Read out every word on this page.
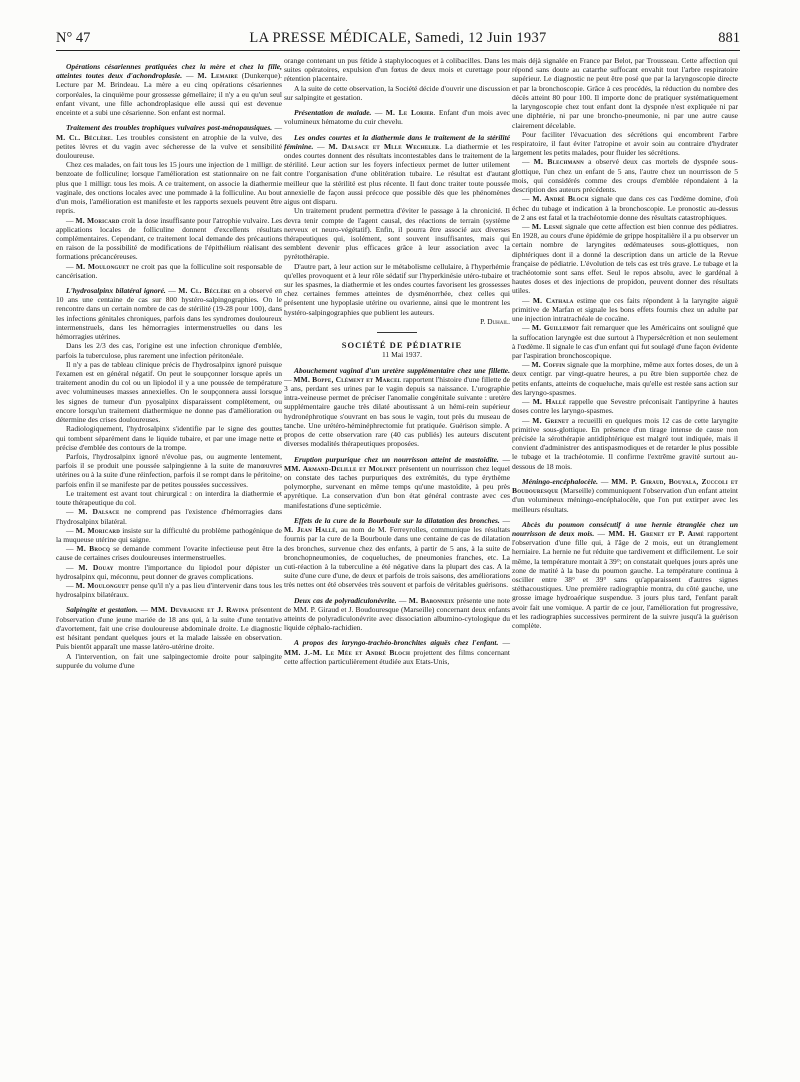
N° 47	LA PRESSE MÉDICALE, Samedi, 12 Juin 1937	881

Opérations césariennes pratiquées chez la mère et chez la fille, atteintes toutes deux d'achondroplasie. — M. Lemaire (Dunkerque). Lecture par M. Brindeau. La mère a eu cinq opérations césariennes corporéales, la cinquième pour grossesse gémellaire; il n'y a eu qu'un seul enfant vivant, une fille achondroplasique elle aussi qui est devenue enceinte et a subi une césarienne. Son enfant est normal.

Traitement des troubles trophiques vulvaires post-ménopausiques. — M. Cl. Béclère. Les troubles consistent en atrophie de la vulve, des petites lèvres et du vagin avec sécheresse de la vulve et sensibilité douloureuse.

Chez ces malades, on fait tous les 15 jours une injection de 1 milligr. de benzoate de folliculine; lorsque l'amélioration est stationnaire on ne fait plus que 1 milligr. tous les mois. A ce traitement, on associe la diathermie vaginale, des onctions locales avec une pommade à la folliculine. Au bout d'un mois, l'amélioration est manifeste et les rapports sexuels peuvent être repris.

— M. Moricard croit la dose insuffisante pour l'atrophie vulvaire. Les applications locales de folliculine donnent d'excellents résultats complémentaires. Cependant, ce traitement local demande des précautions en raison de la possibilité de modifications de l'épithélium réalisant des formations précancéreuses.

— M. Moulonguet ne croit pas que la folliculine soit responsable de cancérisation.

L'hydrosalpinx bilatéral ignoré. — M. Cl. Béclère en a observé en 10 ans une centaine de cas sur 800 hystéro-salpingographies. On le rencontre dans un certain nombre de cas de stérilité (19-28 pour 100), dans les infections génitales chroniques, parfois dans les syndromes douloureux intermenstruels, dans les hémorragies intermenstruelles ou dans les hémorragies utérines.

Dans les 2/3 des cas, l'origine est une infection chronique d'emblée, parfois la tuberculose, plus rarement une infection péritonéale.

Il n'y a pas de tableau clinique précis de l'hydrosalpinx ignoré puisque l'examen est en général négatif. On peut le soupçonner lorsque après un traitement anodin du col ou un lipiodol il y a une poussée de température avec volumineuses masses annexielles. On le soupçonnera aussi lorsque les signes de tumeur d'un pyosalpinx disparaissent complètement, ou encore lorsqu'un traitement diathermique ne donne pas d'amélioration ou détermine des crises douloureuses.

Radiologiquement, l'hydrosalpinx s'identifie par le signe des gouttes qui tombent séparément dans le liquide tubaire, et par une image nette et précise d'emblée des contours de la trompe.

Parfois, l'hydrosalpinx ignoré n'évolue pas, ou augmente lentement, parfois il se produit une poussée salpingienne à la suite de manœuvres utérines ou à la suite d'une réinfection, parfois il se rompt dans le péritoine, parfois enfin il se manifeste par de petites poussées successives.

Le traitement est avant tout chirurgical : on interdira la diathermie et toute thérapeutique du col.

— M. Dalsace ne comprend pas l'existence d'hémorragies dans l'hydrosalpinx bilatéral.

— M. Moricard insiste sur la difficulté du problème pathogénique de la muqueuse utérine qui saigne.

— M. Brocq se demande comment l'ovarite infectieuse peut être la cause de certaines crises douloureuses intermenstruelles.

— M. Douay montre l'importance du lipiodol pour dépister un hydrosalpinx qui, méconnu, peut donner de graves complications.

— M. Moulonguet pense qu'il n'y a pas lieu d'intervenir dans tous les hydrosalpinx bilatéraux.

Salpingite et gestation. — MM. Devraigne et J. Ravina présentent l'observation d'une jeune mariée de 18 ans qui, à la suite d'une tentative d'avortement, fait une crise douloureuse abdominale droite. Le diagnostic est hésitant pendant quelques jours et la malade laissée en observation. Puis bientôt apparaît une masse latéro-utérine droite.

A l'intervention, on fait une salpingectomie droite pour salpingite suppurée du volume d'une

orange contenant un pus fétide à staphylocoques et à colibacilles. Dans les suites opératoires, expulsion d'un fœtus de deux mois et curettage pour rétention placentaire.

A la suite de cette observation, la Société décide d'ouvrir une discussion sur salpingite et gestation.

Présentation de malade. — M. Le Lorier. Enfant d'un mois avec volumineux hématome du cuir chevelu.

Les ondes courtes et la diathermie dans le traitement de la stérilité féminine. — M. Dalsace et Mlle Wecheler. La diathermie et les ondes courtes donnent des résultats incontestables dans le traitement de la stérilité. Leur action sur les foyers infectieux permet de lutter utilement contre l'organisation d'une oblitération tubaire. Le résultat est d'autant meilleur que la stérilité est plus récente. Il faut donc traiter toute poussée annexielle de façon aussi précoce que possible dès que les phénomènes aigus ont disparu.

Un traitement prudent permettra d'éviter le passage à la chronicité. Il devra tenir compte de l'agent causal, des réactions de terrain (système nerveux et neuro-végétatif). Enfin, il pourra être associé aux diverses thérapeutiques qui, isolément, sont souvent insuffisantes, mais qui semblent devenir plus efficaces grâce à leur association avec la pyrétothérapie.

D'autre part, à leur action sur le métabolisme cellulaire, à l'hyperhémie qu'elles provoquent et à leur rôle sédatif sur l'hyperkinésie utéro-tubaire et sur les spasmes, la diathermie et les ondes courtes favorisent les grossesses chez certaines femmes atteintes de dysménorrhée, chez celles qui présentent une hypoplasie utérine ou ovarienne, ainsi que le montrent les hystéro-salpingographies que publient les auteurs.

P. Duhail.

SOCIÉTÉ DE PÉDIATRIE

11 Mai 1937.

Abouchement vaginal d'un uretère supplémentaire chez une fillette. — MM. Boppe, Clément et Marcel rapportent l'histoire d'une fillette de 3 ans, perdant ses urines par le vagin depuis sa naissance. L'urographie intra-veineuse permet de préciser l'anomalie congénitale suivante : uretère supplémentaire gauche très dilaté aboutissant à un hémi-rein supérieur hydronéphrotique s'ouvrant en bas sous le vagin, tout près du museau de tanche. Une urétéro-héminéphrectomie fut pratiquée. Guérison simple. A propos de cette observation rare (40 cas publiés) les auteurs discutent diverses modalités thérapeutiques proposées.

Eruption purpurique chez un nourrisson atteint de mastoïdite. — MM. Armand-Delille et Molinet présentent un nourrisson chez lequel on constate des taches purpuriques des extrémités, du type érythème polymorphe, survenant en même temps qu'une mastoïdite, à peu près apyrétique. La conservation d'un bon état général contraste avec ces manifestations d'une septicémie.

Effets de la cure de la Bourboule sur la dilatation des bronches. — M. Jean Hallé, au nom de M. Ferreyrolles, communique les résultats fournis par la cure de la Bourboule dans une centaine de cas de dilatation des bronches, survenue chez des enfants, à partir de 5 ans, à la suite de bronchopneumonies, de coqueluches, de pneumonies franches, etc. La cuti-réaction à la tuberculine a été négative dans la plupart des cas. A la suite d'une cure d'une, de deux et parfois de trois saisons, des améliorations très nettes ont été observées très souvent et parfois de véritables guérisons.

Deux cas de polyradiculonévrite. — M. Babonneix présente une note de MM. P. Giraud et J. Boudouresque (Marseille) concernant deux enfants atteints de polyradiculonévrite avec dissociation albumino-cytologique du liquide céphalo-rachidien.

A propos des laryngo-trachéo-bronchites aiguës chez l'enfant. — MM. J.-M. Le Mée et André Bloch projettent des films concernant cette affection particulièrement étudiée aux Etats-Unis,

mais déjà signalée en France par Belot, par Trousseau. Cette affection qui répond sans doute au catarrhe suffocant envahit tout l'arbre respiratoire supérieur. Le diagnostic ne peut être posé que par la laryngoscopie directe et par la bronchoscopie. Grâce à ces procédés, la réduction du nombre des décès atteint 80 pour 100. Il importe donc de pratiquer systématiquement la laryngoscopie chez tout enfant dont la dyspnée n'est expliquée ni par une diphtérie, ni par une broncho-pneumonie, ni par une autre cause clairement décelable.

Pour faciliter l'évacuation des sécrétions qui encombrent l'arbre respiratoire, il faut éviter l'atropine et avoir soin au contraire d'hydrater largement les petits malades, pour fluider les sécrétions.

— M. Blechmann a observé deux cas mortels de dyspnée sous-glottique, l'un chez un enfant de 5 ans, l'autre chez un nourrisson de 5 mois, qui considérés comme des croups d'emblée répondaient à la description des auteurs précédents.

— M. André Bloch signale que dans ces cas l'œdème domine, d'où échec du tubage et indication à la bronchoscopie. Le pronostic au-dessus de 2 ans est fatal et la trachéotomie donne des résultats catastrophiques.

— M. Lesné signale que cette affection est bien connue des pédiatres. En 1928, au cours d'une épidémie de grippe hospitalière il a pu observer un certain nombre de laryngites œdémateuses sous-glottiques, non diphtériques dont il a donné la description dans un article de la Revue française de pédiatrie. L'évolution de tels cas est très grave. Le tubage et la trachéotomie sont sans effet. Seul le repos absolu, avec le gardénal à hautes doses et des injections de propidon, peuvent donner des résultats utiles.

— M. Cathala estime que ces faits répondent à la laryngite aiguë primitive de Marfan et signale les bons effets fournis chez un adulte par une injection intratrachéale de cocaïne.

— M. Guillemot fait remarquer que les Américains ont souligné que la suffocation laryngée est due surtout à l'hypersécrétion et non seulement à l'œdème. Il signale le cas d'un enfant qui fut soulagé d'une façon évidente par l'aspiration bronchoscopique.

— M. Coffin signale que la morphine, même aux fortes doses, de un à deux centigr. par vingt-quatre heures, a pu être bien supportée chez de petits enfants, atteints de coqueluche, mais qu'elle est restée sans action sur des laryngo-spasmes.

— M. Hallé rappelle que Sevestre préconisait l'antipyrine à hautes doses contre les laryngo-spasmes.

— M. Grenet a recueilli en quelques mois 12 cas de cette laryngite primitive sous-glottique. En présence d'un tirage intense de cause non précisée la sérothérapie antidiphtérique est malgré tout indiquée, mais il convient d'administrer des antispasmodiques et de retarder le plus possible le tubage et la trachéotomie. Il confirme l'extrême gravité surtout au-dessous de 18 mois.

Méningo-encéphalocèle. — MM. P. Giraud, Bouyala, Zuccoli et Boudouresque (Marseille) communiquent l'observation d'un enfant atteint d'un volumineux méningo-encéphalocèle, que l'on put extirper avec les meilleurs résultats.

Abcès du poumon consécutif à une hernie étranglée chez un nourrisson de deux mois. — MM. H. Grenet et P. Aimé rapportent l'observation d'une fille qui, à l'âge de 2 mois, eut un étranglement herniaire. La hernie ne fut réduite que tardivement et difficilement. Le soir même, la température montait à 39°; on constatait quelques jours après une zone de matité à la base du poumon gauche. La température continua à osciller entre 38° et 39° sans qu'apparaissent d'autres signes stéthacoustiques. Une première radiographie montra, du côté gauche, une grosse image hydroaérique suspendue. 3 jours plus tard, l'enfant paraît avoir fait une vomique. A partir de ce jour, l'amélioration fut progressive, et les radiographies successives permirent de la suivre jusqu'à la guérison complète.
